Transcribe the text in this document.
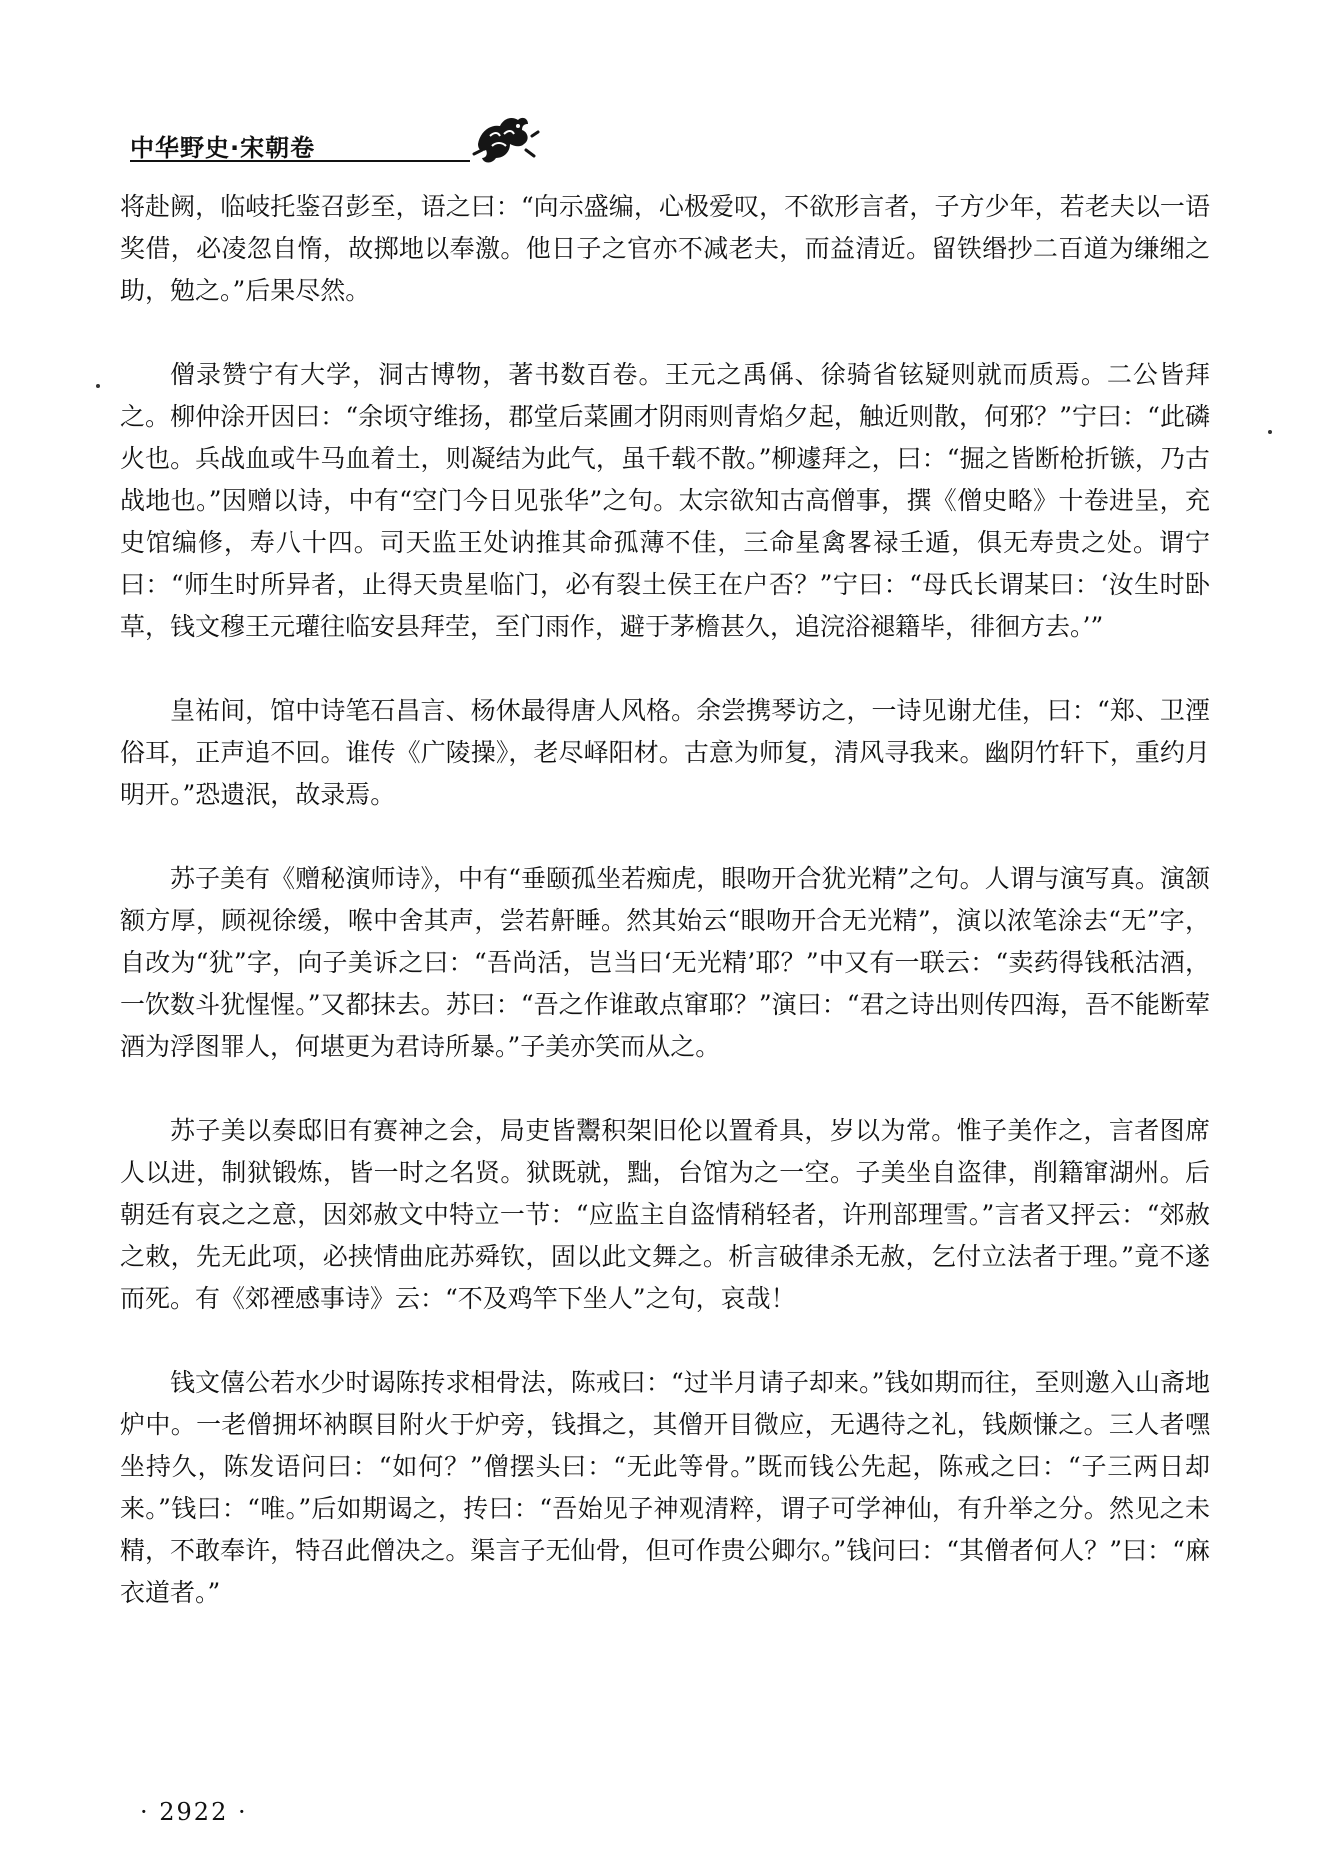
中华野史·宋朝卷

将赴阙，临岐托鉴召彭至，语之曰：“向示盛编，心极爱叹，不欲形言者，子方少年，若老夫以一语奖借，必凌忽自惰，故掷地以奉激。他日子之官亦不减老夫，而益清近。留铁缗抄二百道为缣缃之助，勉之。”后果尽然。

僧录赞宁有大学，洞古博物，著书数百卷。王元之禹偁、徐骑省铉疑则就而质焉。二公皆拜之。柳仲涂开因曰：“余顷守维扬，郡堂后菜圃才阴雨则青焰夕起，触近则散，何邪？”宁曰：“此磷火也。兵战血或牛马血着土，则凝结为此气，虽千载不散。”柳遽拜之，曰：“掘之皆断枪折镞，乃古战地也。”因赠以诗，中有“空门今日见张华”之句。太宗欲知古高僧事，撰《僧史略》十卷进呈，充史馆编修，寿八十四。司天监王处讷推其命孤薄不佳，三命星禽畧禄壬遁，俱无寿贵之处。谓宁曰：“师生时所异者，止得天贵星临门，必有裂土侯王在户否？”宁曰：“母氏长谓某曰：‘汝生时卧草，钱文穆王元瓘往临安县拜茔，至门雨作，避于茅檐甚久，追浣浴褪籍毕，徘徊方去。’”

皇祐间，馆中诗笔石昌言、杨休最得唐人风格。余尝携琴访之，一诗见谢尤佳，曰：“郑、卫湮俗耳，正声追不回。谁传《广陵操》，老尽峄阳材。古意为师复，清风寻我来。幽阴竹轩下，重约月明开。”恐遗泯，故录焉。

苏子美有《赠秘演师诗》，中有“垂颐孤坐若痴虎，眼吻开合犹光精”之句。人谓与演写真。演颔额方厚，顾视徐缓，喉中舍其声，尝若鼾睡。然其始云“眼吻开合无光精”，演以浓笔涂去“无”字，自改为“犹”字，向子美诉之曰：“吾尚活，岂当曰‘无光精’耶？”中又有一联云：“卖药得钱秖沽酒，一饮数斗犹惺惺。”又都抹去。苏曰：“吾之作谁敢点窜耶？”演曰：“君之诗出则传四海，吾不能断荤酒为浮图罪人，何堪更为君诗所暴。”子美亦笑而从之。

苏子美以奏邸旧有赛神之会，局吏皆鬻积架旧伦以置肴具，岁以为常。惟子美作之，言者图席人以进，制狱锻炼，皆一时之名贤。狱既就，黜，台馆为之一空。子美坐自盗律，削籍窜湖州。后朝廷有哀之之意，因郊赦文中特立一节：“应监主自盗情稍轻者，许刑部理雪。”言者又抨云：“郊赦之敕，先无此项，必挟情曲庇苏舜钦，固以此文舞之。析言破律杀无赦，乞付立法者于理。”竟不遂而死。有《郊禋感事诗》云：“不及鸡竿下坐人”之句，哀哉！

钱文僖公若水少时谒陈抟求相骨法，陈戒曰：“过半月请子却来。”钱如期而往，至则邀入山斋地炉中。一老僧拥坏衲瞑目附火于炉旁，钱揖之，其僧开目微应，无遇待之礼，钱颇慊之。三人者嘿坐持久，陈发语问曰：“如何？”僧摆头曰：“无此等骨。”既而钱公先起，陈戒之曰：“子三两日却来。”钱曰：“唯。”后如期谒之，抟曰：“吾始见子神观清粹，谓子可学神仙，有升举之分。然见之未精，不敢奉许，特召此僧决之。渠言子无仙骨，但可作贵公卿尔。”钱问曰：“其僧者何人？”曰：“麻衣道者。”

· 2922 ·
